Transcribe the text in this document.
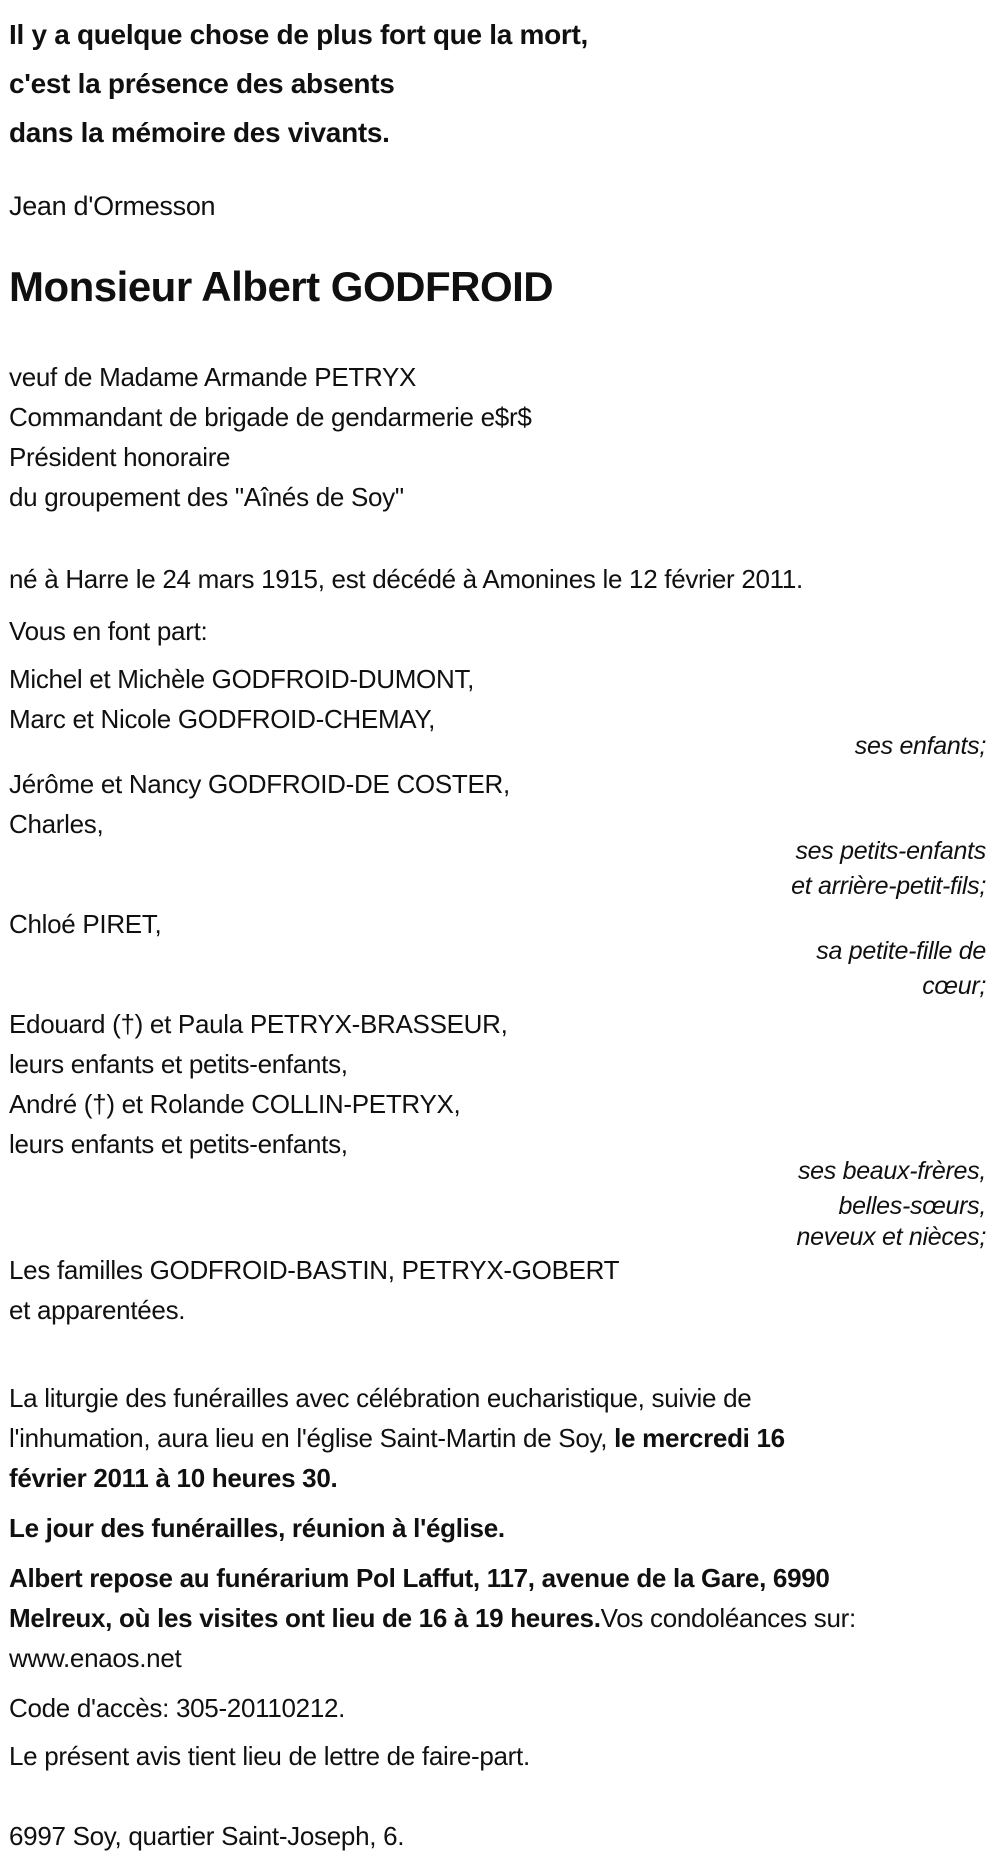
Il y a quelque chose de plus fort que la mort,
c'est la présence des absents
dans la mémoire des vivants.
Jean d'Ormesson
Monsieur Albert GODFROID
veuf de Madame Armande PETRYX
Commandant de brigade de gendarmerie e$r$
Président honoraire
du groupement des "Aînés de Soy"
né à Harre le 24 mars 1915, est décédé à Amonines le 12 février 2011.
Vous en font part:
Michel et Michèle GODFROID-DUMONT,
Marc et Nicole GODFROID-CHEMAY,
ses enfants;
Jérôme et Nancy GODFROID-DE COSTER,
Charles,
ses petits-enfants
et arrière-petit-fils;
Chloé PIRET,
sa petite-fille de
cœur;
Edouard (†) et Paula PETRYX-BRASSEUR,
leurs enfants et petits-enfants,
André (†) et Rolande COLLIN-PETRYX,
leurs enfants et petits-enfants,
ses beaux-frères,
belles-sœurs,
neveux et nièces;
Les familles GODFROID-BASTIN, PETRYX-GOBERT
et apparentées.
La liturgie des funérailles avec célébration eucharistique, suivie de
l'inhumation, aura lieu en l'église Saint-Martin de Soy, le mercredi 16
février 2011 à 10 heures 30.
Le jour des funérailles, réunion à l'église.
Albert repose au funérarium Pol Laffut, 117, avenue de la Gare, 6990
Melreux, où les visites ont lieu de 16 à 19 heures.Vos condoléances sur:
www.enaos.net
Code d'accès: 305-20110212.
Le présent avis tient lieu de lettre de faire-part.
6997 Soy, quartier Saint-Joseph, 6.
